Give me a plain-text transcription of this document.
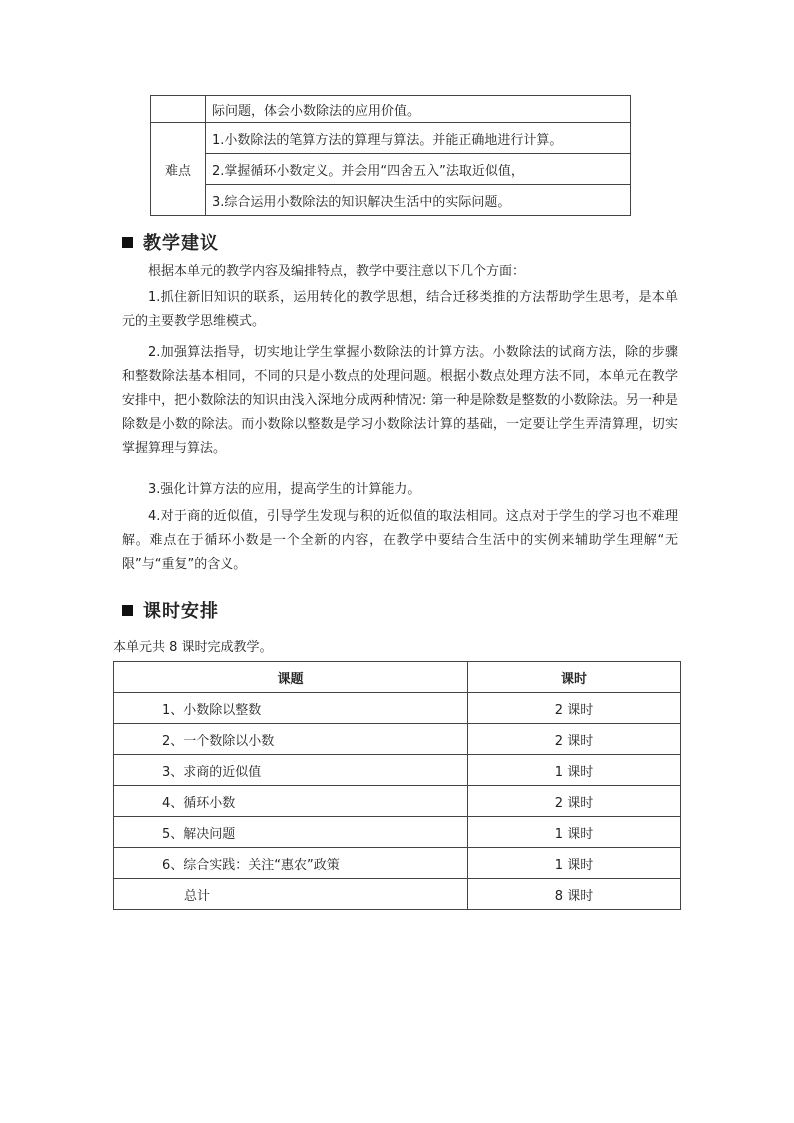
	际问题，体会小数除法的应用价值。
难点	1.小数除法的笔算方法的算理与算法。并能正确地进行计算。
	2.掌握循环小数定义。并会用“四舍五入”法取近似值，
	3.综合运用小数除法的知识解决生活中的实际问题。
教学建议
根据本单元的教学内容及编排特点，教学中要注意以下几个方面：
1.抓住新旧知识的联系，运用转化的教学思想，结合迁移类推的方法帮助学生思考，是本单元的主要教学思维模式。
2.加强算法指导，切实地让学生掌握小数除法的计算方法。小数除法的试商方法，除的步骤和整数除法基本相同，不同的只是小数点的处理问题。根据小数点处理方法不同，本单元在教学安排中，把小数除法的知识由浅入深地分成两种情况: 第一种是除数是整数的小数除法。另一种是除数是小数的除法。而小数除以整数是学习小数除法计算的基础，一定要让学生弄清算理，切实掌握算理与算法。
3.强化计算方法的应用，提高学生的计算能力。
4.对于商的近似值，引导学生发现与积的近似值的取法相同。这点对于学生的学习也不难理解。难点在于循环小数是一个全新的内容，在教学中要结合生活中的实例来辅助学生理解“无限”与“重复”的含义。
课时安排
本单元共 8 课时完成教学。
课题	课时
1、小数除以整数	2 课时
2、一个数除以小数	2 课时
3、求商的近似值	1 课时
4、循环小数	2 课时
5、解决问题	1 课时
6、综合实践：关注“惠农”政策	1 课时
总计	8 课时
